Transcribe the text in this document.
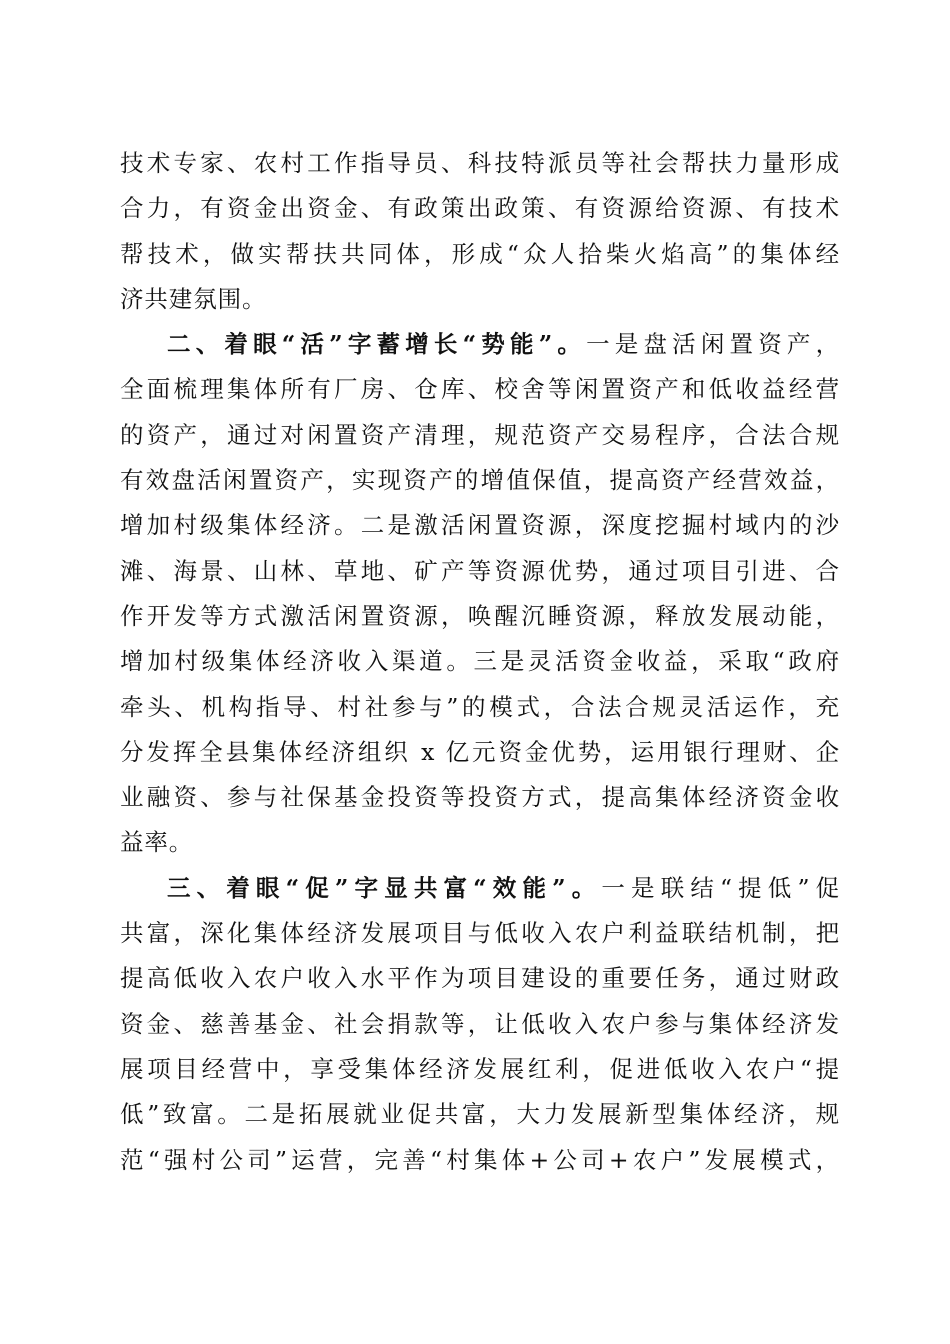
技术专家、农村工作指导员、科技特派员等社会帮扶力量形成
合力，有资金出资金、有政策出政策、有资源给资源、有技术
帮技术，做实帮扶共同体，形成“众人拾柴火焰高”的集体经
济共建氛围。
二、着眼“活”字蓄增长“势能”。一是盘活闲置资产，
全面梳理集体所有厂房、仓库、校舍等闲置资产和低收益经营
的资产，通过对闲置资产清理，规范资产交易程序，合法合规
有效盘活闲置资产，实现资产的增值保值，提高资产经营效益，
增加村级集体经济。二是激活闲置资源，深度挖掘村域内的沙
滩、海景、山林、草地、矿产等资源优势，通过项目引进、合
作开发等方式激活闲置资源，唤醒沉睡资源，释放发展动能，
增加村级集体经济收入渠道。三是灵活资金收益，采取“政府
牵头、机构指导、村社参与”的模式，合法合规灵活运作，充
分发挥全县集体经济组织 x 亿元资金优势，运用银行理财、企
业融资、参与社保基金投资等投资方式，提高集体经济资金收
益率。
三、着眼“促”字显共富“效能”。一是联结“提低”促
共富，深化集体经济发展项目与低收入农户利益联结机制，把
提高低收入农户收入水平作为项目建设的重要任务，通过财政
资金、慈善基金、社会捐款等，让低收入农户参与集体经济发
展项目经营中，享受集体经济发展红利，促进低收入农户“提
低”致富。二是拓展就业促共富，大力发展新型集体经济，规
范“强村公司”运营，完善“村集体+公司+农户”发展模式，
